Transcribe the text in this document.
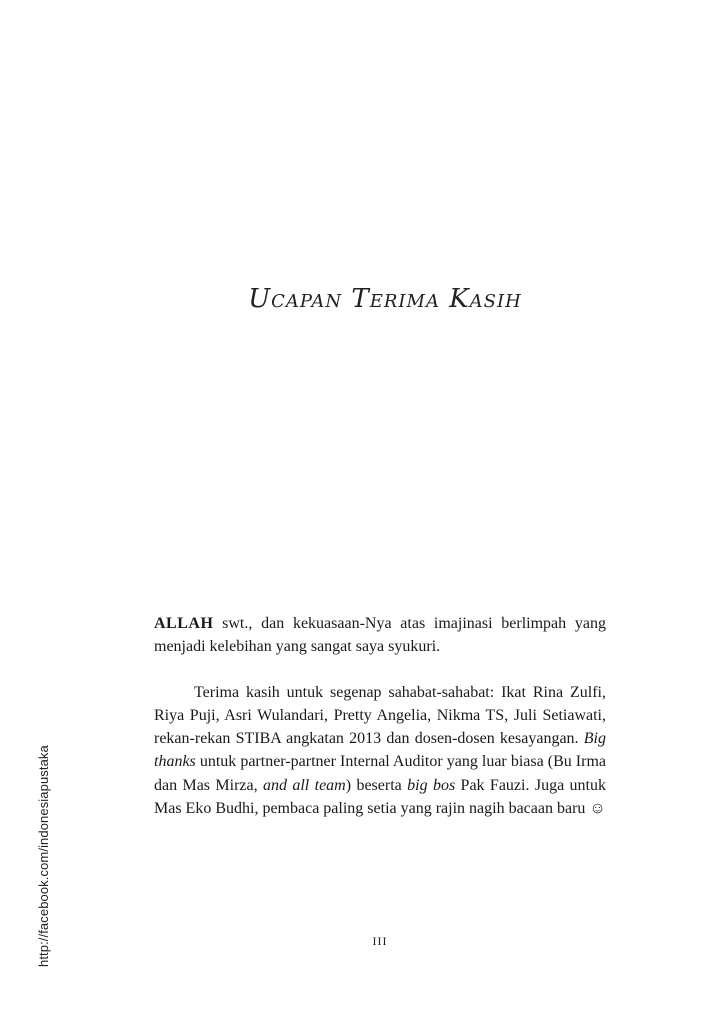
http://facebook.com/indonesiapustaka
Ucapan Terima Kasih

ALLAH swt., dan kekuasaan-Nya atas imajinasi berlimpah yang menjadi kelebihan yang sangat saya syukuri.

Terima kasih untuk segenap sahabat-sahabat: Ikat Rina Zulfi, Riya Puji, Asri Wulandari, Pretty Angelia, Nikma TS, Juli Setiawati, rekan-rekan STIBA angkatan 2013 dan dosen-dosen kesayangan. Big thanks untuk partner-partner Internal Auditor yang luar biasa (Bu Irma dan Mas Mirza, and all team) beserta big bos Pak Fauzi. Juga untuk Mas Eko Budhi, pembaca paling setia yang rajin nagih bacaan baru ☺

III
